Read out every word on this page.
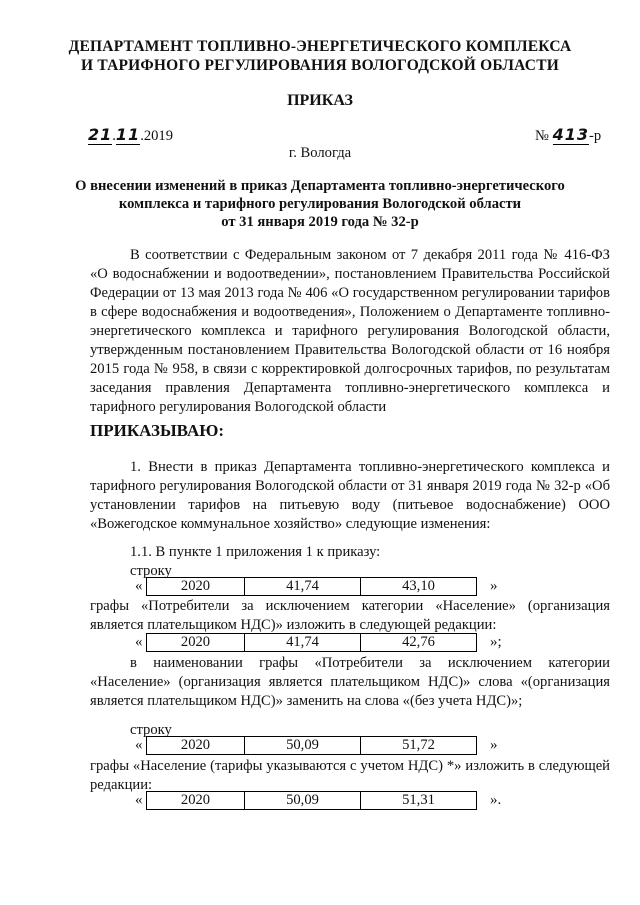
ДЕПАРТАМЕНТ ТОПЛИВНО-ЭНЕРГЕТИЧЕСКОГО КОМПЛЕКСА
И ТАРИФНОГО РЕГУЛИРОВАНИЯ ВОЛОГОДСКОЙ ОБЛАСТИ
ПРИКАЗ
21.11.2019	№ 413-р
г. Вологда
О внесении изменений в приказ Департамента топливно-энергетического
комплекса и тарифного регулирования Вологодской области
от 31 января 2019 года № 32-р
В соответствии с Федеральным законом от 7 декабря 2011 года № 416-ФЗ «О водоснабжении и водоотведении», постановлением Правительства Российской Федерации от 13 мая 2013 года № 406 «О государственном регулировании тарифов в сфере водоснабжения и водоотведения», Положением о Департаменте топливно-энергетического комплекса и тарифного регулирования Вологодской области, утвержденным постановлением Правительства Вологодской области от 16 ноября 2015 года № 958, в связи с корректировкой долгосрочных тарифов, по результатам заседания правления Департамента топливно-энергетического комплекса и тарифного регулирования Вологодской области
ПРИКАЗЫВАЮ:
1. Внести в приказ Департамента топливно-энергетического комплекса и тарифного регулирования Вологодской области от 31 января 2019 года № 32-р «Об установлении тарифов на питьевую воду (питьевое водоснабжение) ООО «Вожегодское коммунальное хозяйство» следующие изменения:
1.1. В пункте 1 приложения 1 к приказу:
строку
«	2020	41,74	43,10	»
графы «Потребители за исключением категории «Население» (организация является плательщиком НДС)» изложить в следующей редакции:
«	2020	41,74	42,76	»;
в наименовании графы «Потребители за исключением категории «Население» (организация является плательщиком НДС)» слова «(организация является плательщиком НДС)» заменить на слова «(без учета НДС)»;
строку
«	2020	50,09	51,72	»
графы «Население (тарифы указываются с учетом НДС) *» изложить в следующей редакции:
«	2020	50,09	51,31	».
